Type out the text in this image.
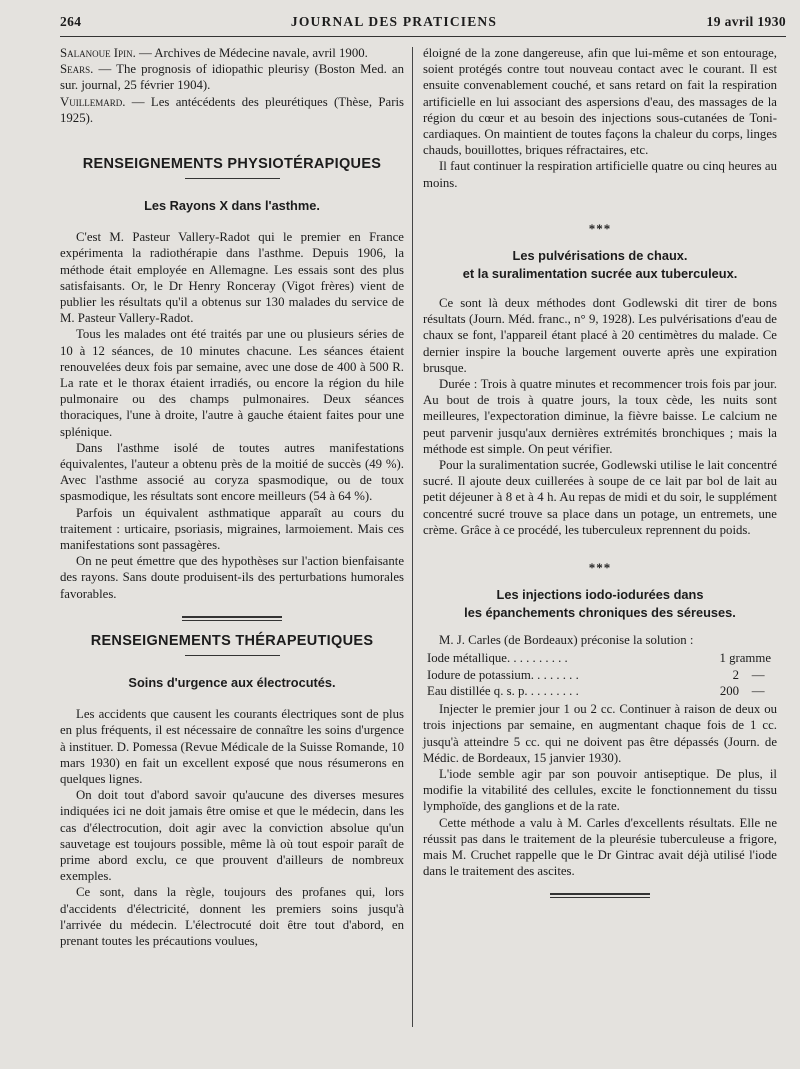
264	JOURNAL DES PRATICIENS	19 avril 1930

Salanoue Ipin. — Archives de Médecine navale, avril 1900.

Sears. — The prognosis of idiopathic pleurisy (Boston Med. an sur. journal, 25 février 1904).

Vuillemard. — Les antécédents des pleurétiques (Thèse, Paris 1925).

RENSEIGNEMENTS PHYSIOTÉRAPIQUES
Les Rayons X dans l'asthme.

C'est M. Pasteur Vallery-Radot qui le premier en France expérimenta la radiothérapie dans l'asthme. Depuis 1906, la méthode était employée en Allemagne. Les essais sont des plus satisfaisants. Or, le Dr Henry Ronceray (Vigot frères) vient de publier les résultats qu'il a obtenus sur 130 malades du service de M. Pasteur Vallery-Radot.

Tous les malades ont été traités par une ou plusieurs séries de 10 à 12 séances, de 10 minutes chacune. Les séances étaient renouvelées deux fois par semaine, avec une dose de 400 à 500 R. La rate et le thorax étaient irradiés, ou encore la région du hile pulmonaire ou des champs pulmonaires. Deux séances thoraciques, l'une à droite, l'autre à gauche étaient faites pour une splénique.

Dans l'asthme isolé de toutes autres manifestations équivalentes, l'auteur a obtenu près de la moitié de succès (49 %). Avec l'asthme associé au coryza spasmodique, ou de toux spasmodique, les résultats sont encore meilleurs (54 à 64 %).

Parfois un équivalent asthmatique apparaît au cours du traitement : urticaire, psoriasis, migraines, larmoiement. Mais ces manifestations sont passagères.

On ne peut émettre que des hypothèses sur l'action bienfaisante des rayons. Sans doute produisent-ils des perturbations humorales favorables.

RENSEIGNEMENTS THÉRAPEUTIQUES
Soins d'urgence aux électrocutés.

Les accidents que causent les courants électriques sont de plus en plus fréquents, il est nécessaire de connaître les soins d'urgence à instituer. D. Pomessa (Revue Médicale de la Suisse Romande, 10 mars 1930) en fait un excellent exposé que nous résumerons en quelques lignes.

On doit tout d'abord savoir qu'aucune des diverses mesures indiquées ici ne doit jamais être omise et que le médecin, dans les cas d'électrocution, doit agir avec la conviction absolue qu'un sauvetage est toujours possible, même là où tout espoir paraît de prime abord exclu, ce que prouvent d'ailleurs de nombreux exemples.

Ce sont, dans la règle, toujours des profanes qui, lors d'accidents d'électricité, donnent les premiers soins jusqu'à l'arrivée du médecin. L'électrocuté doit être tout d'abord, en prenant toutes les précautions voulues,

éloigné de la zone dangereuse, afin que lui-même et son entourage, soient protégés contre tout nouveau contact avec le courant. Il est ensuite convenablement couché, et sans retard on fait la respiration artificielle en lui associant des aspersions d'eau, des massages de la région du cœur et au besoin des injections sous-cutanées de Toni-cardiaques. On maintient de toutes façons la chaleur du corps, linges chauds, bouillottes, briques réfractaires, etc.

Il faut continuer la respiration artificielle quatre ou cinq heures au moins.

***
Les pulvérisations de chaux.
et la suralimentation sucrée aux tuberculeux.

Ce sont là deux méthodes dont Godlewski dit tirer de bons résultats (Journ. Méd. franc., n° 9, 1928). Les pulvérisations d'eau de chaux se font, l'appareil étant placé à 20 centimètres du malade. Ce dernier inspire la bouche largement ouverte après une expiration brusque.

Durée : Trois à quatre minutes et recommencer trois fois par jour. Au bout de trois à quatre jours, la toux cède, les nuits sont meilleures, l'expectoration diminue, la fièvre baisse. Le calcium ne peut parvenir jusqu'aux dernières extrémités bronchiques ; mais la méthode est simple. On peut vérifier.

Pour la suralimentation sucrée, Godlewski utilise le lait concentré sucré. Il ajoute deux cuillerées à soupe de ce lait par bol de lait au petit déjeuner à 8 et à 4 h. Au repas de midi et du soir, le supplément concentré sucré trouve sa place dans un potage, un entremets, une crème. Grâce à ce procédé, les tuberculeux reprennent du poids.

***
Les injections iodo-iodurées dans
les épanchements chroniques des séreuses.

M. J. Carles (de Bordeaux) préconise la solution :

Iode métallique. . . . . . . . . .	1 gramme
Iodure de potassium. . . . . . . .	2    —
Eau distillée q. s. p. . . . . . . . .	200    —

Injecter le premier jour 1 ou 2 cc. Continuer à raison de deux ou trois injections par semaine, en augmentant chaque fois de 1 cc. jusqu'à atteindre 5 cc. qui ne doivent pas être dépassés (Journ. de Médic. de Bordeaux, 15 janvier 1930).

L'iode semble agir par son pouvoir antiseptique. De plus, il modifie la vitabilité des cellules, excite le fonctionnement du tissu lymphoïde, des ganglions et de la rate.

Cette méthode a valu à M. Carles d'excellents résultats. Elle ne réussit pas dans le traitement de la pleurésie tuberculeuse a frigore, mais M. Cruchet rappelle que le Dr Gintrac avait déjà utilisé l'iode dans le traitement des ascites.
